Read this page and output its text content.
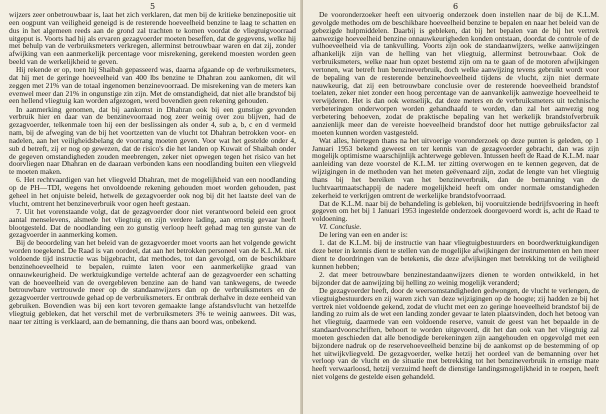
5

wijzers zeer onbetrouwbaar is, laat het zich verklaren, dat men bij de kritieke benzinepositie uit een oogpunt van veiligheid geneigd is de resterende hoeveelheid benzine te laag te schatten en dus in het algemeen reeds aan de grond zal trachten te komen voordat de vliegtuigvoorraad uitgeput is. Voorts had hij als ervaren gezagvoerder moeten beseffen, dat de gegevens, welke hij met behulp van de verbruiksmeters verkregen, allerminst betrouwbaar waren en dat zij, zonder afwijking van een aanmerkelijk percentage voor misrekening, gerekend moesten worden geen beeld van de werkelijkheid te geven.

Hij rekende er op, toen hij Shaibah gepasseerd was, daarna afgaande op de verbruiksmeters, dat hij met de geringe hoeveelheid van 400 lbs benzine te Dhahran zou aankomen, dit wil zeggen met 21% van de totaal ingenomen benzinevoorraad. De misrekening van de meters kan evenwel meer dan 21% in ongunstige zin zijn. Met de omstandigheid, dat niet alle brandstof bij een hellend vliegtuig kan worden afgezogen, werd bovendien geen rekening gehouden.

In aanmerking genomen, dat bij aankomst in Dhahran ook bij een gunstige gevonden verbruik hier en daar van de benzinevoorraad nog zeer weinig over zou blijven, had de gezagvoerder, telkenmale toen hij een der beslissingen als onder 4, sub a, b, c en d vermeld nam, bij de afweging van de bij het voortzetten van de vlucht tot Dhahran betrokken voor- en nadelen, aan het veiligheidsbelang de voorrang moeten geven. Voor wat het gestelde onder 4, sub d betreft, zij er nog op gewezen, dat de risico's die het landen op Kuwait of Shaibah onder de gegeven omstandigheden zouden meebrengen, zeker niet opwegen tegen het risico van het doorvliegen naar Dhahran en de daaraan verbonden kans een noodlanding buiten een vliegveld te moeten maken.

6. Het rechtvaardigen van het vliegveld Dhahran, met de mogelijkheid van een noodlanding op de PH—TDI, wegens het onvoldoende rekening gehouden moet worden gehouden, past geheel in het onjuiste beleid, hetwelk de gezagvoerder ook nog bij dit het laatste deel van de vlucht, omtrent het benzineverbruik voor ogen heeft gestaan.

7. Uit het vorenstaande volgt, dat de gezagvoerder door niet verantwoord beleid een groot aantal menselevens, alsmede het vliegtuig en zijn verdere lading, aan ernstig gevaar heeft blootgesteld. Dat de noodlanding een zo gunstig verloop heeft gehad mag ten gunste van de gezagvoerder in aanmerking komen.

Bij de beoordeling van het beleid van de gezagvoerder moet voorts aan het volgende gewicht worden toegekend. De Raad is van oordeel, dat aan het betrokken personeel van de K.L.M. niet voldoende tijd instructie was bijgebracht, dat methodes, tot dan gevolgd, om de beschikbare benzinehoeveelheid te bepalen, ruimte laten voor een aanmerkelijke graad van onnauwkeurigheid. De werktuigkundige vertelde achteraf aan de gezagvoerder een schatting van de hoeveelheid van de overgebleven benzine aan de hand van tankwegens, de tweede betrouwbare vertrouwde meer op de standaanwijzers dan op de verbruiksmeters en de gezagvoerder vertrouwde gehad op de verbruiksmeters. Er ontbrak derhalve in deze eenheid van gebruiken. Bovendien was bij een kort tevoren gemaakte lange afstandsvlucht van hetzelfde vliegtuig gebleken, dat het verschil met de verbruiksmeters 3% te weinig aanwees. Dit was, naar ter zitting is verklaard, aan de bemanning, die thans aan boord was, onbekend.

6

De vooronderzoeker heeft een uitvoerig onderzoek doen instellen naar de bij de K.L.M. gevolgde methodes om de beschikbare hoeveelheid benzine te bepalen en naar het beleid van de gebezigde hulpmiddelen. Daarbij is gebleken, dat bij het bepalen van de bij het vertrek aanwezige hoeveelheid benzine onnauwkeurigheden konden ontstaan, doordat de controle of de vulhoeveelheid via de tankvulling. Voorts zijn ook de standaanwijzers, welke aanwijzingen afhankelijk zijn van de helling van het vliegtuig, allerminst betrouwbaar. Ook de verbruiksmeters, welke naar hun opzet bestemd zijn om na te gaan of de motoren afwijkingen vertonen, wat betreft hun benzineverbruik, doch welke aanwijzing tevens gebruikt wordt voor de bepaling van de resterende benzinehoeveelheid tijdens de vlucht, zijn niet dermate nauwkeurig, dat zij een betrouwbare conclusie over de resterende hoeveelheid brandstof toelaten, zeker niet zonder een hoog percentage van de aanvankelijk aanwezige hoeveelheid te verwijderen. Het is dan ook wenselijk, dat deze meters en de verbruiksmeters uit technische verbeteringen onderworpen worden gehandhaafd te worden, dan zal het aanwezig nog verbetering behoeven, zodat de praktische bepaling van het werkelijk brandstofverbruik aanzienlijk meer dan de vereiste hoeveelheid brandstof door het nuttige gebruiksfactor zal moeten kunnen worden vastgesteld.

Wat alles, hiertegen thans na het uitvoerige vooronderzoek op deze punten is geleden, op 1 Januari 1953 bekend geweest en ter kennis van de gezagvoerder gebracht, dan was zijn mogelijk optimisme waarschijnlijk achterwege gebleven. Intussen heeft de Raad de K.L.M. naar aanleiding van deze voorstel de K.L.M. ter zitting overwogen en te kennen gegeven, dat de wijzigingen in de methoden van het meten geëvenaard zijn, zodat de lengte van het vliegtuig thans bij het bereiken van het benzineverbruik, dan de bemanning van de luchtvaartmaatschappij de nadere mogelijkheid heeft om onder normale omstandigheden zekerheid te verkrijgen omtrent de werkelijke brandstofvoorraad.

Dat de K.L.M. naar bij de behandeling is gebleken, bij vooruitziende bedrijfsvoering in heeft gegeven om het bij 1 Januari 1953 ingestelde onderzoek doorgevoerd wordt is, acht de Raad te voldoening.

VI. Conclusie.

De lering van een en ander is:

1. dat de K.L.M. bij de instructie van haar vliegtuigbestuurders en boordwerktuigkundigen deze beter in kennis dient te stellen van de mogelijke afwijkingen der instrumenten en hen meer dient te doordringen van de betekenis, die deze afwijkingen met betrekking tot de veiligheid kunnen hebben;

2. dat meer betrouwbare benzinestandaanwijzers dienen te worden ontwikkeld, in het bijzonder dat de aanwijzing bij helling zo weinig mogelijk veranderd;

De gezagvoerder heeft, door de weersomstandigheden gedwongen, de vlucht te verlengen, de vliegtuigbestuurders en zij waren zich van deze wijzigingen op de hoogte; zij hadden ze bij het vertrek niet voldoende gekend, zodat de vlucht met een zo geringe hoeveelheid brandstof bij de landing zo ruim als de wet een landing zonder gevaar te laten plaatsvinden, doch het betoog van het vliegtuig, daarmede van een voldoende reserve, vanuit de geest van het bepaalde in de standaardvoorschriften, behoort te worden uitgevoerd, dit het dan ook van het vliegtuig zal moeten geschieden dat alle benodigde berekeningen zijn aangehouden en opgevolgd met een bijzondere nadruk op de reservehoeveelheid benzine bij de aankomst op de bestemming of op het uitwijkvliegveld. De gezagvoerder, welke hetzij het oordeel van de bemanning over het verloop van de vlucht en de situatie met betrekking tot het benzineverbruik in ernstige mate heeft verwaarloosd, hetzij verzuimd heeft de dienstige landingsmogelijkheid in te roepen, heeft niet volgens de gestelde eisen gehandeld.
